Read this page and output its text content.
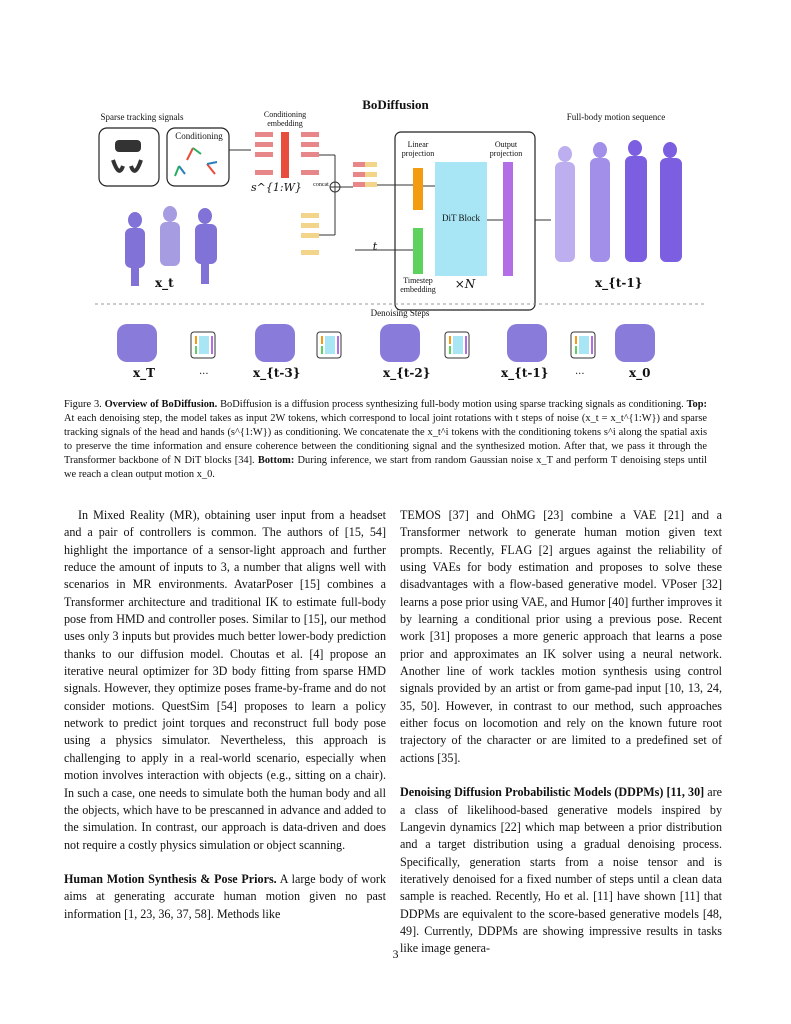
BoDiffusion
Sparse tracking signals
Conditioning
Conditioning embedding
s^{1:W}	concat
Linear projection
Output projection
DiT Block
Timestep embedding	×N
t
Full-body motion sequence
x_t	x_{t-1}
Denoising Steps
x_T	...	x_{t-3}	x_{t-2}	x_{t-1}	...	x_0
Figure 3. Overview of BoDiffusion. BoDiffusion is a diffusion process synthesizing full-body motion using sparse tracking signals as conditioning. Top: At each denoising step, the model takes as input 2W tokens, which correspond to local joint rotations with t steps of noise (x_t = x_t^{1:W}) and sparse tracking signals of the head and hands (s^{1:W}) as conditioning. We concatenate the x_t^i tokens with the conditioning tokens s^i along the spatial axis to preserve the time information and ensure coherence between the conditioning signal and the synthesized motion. After that, we pass it through the Transformer backbone of N DiT blocks [34]. Bottom: During inference, we start from random Gaussian noise x_T and perform T denoising steps until we reach a clean output motion x_0.

In Mixed Reality (MR), obtaining user input from a headset and a pair of controllers is common. The authors of [15, 54] highlight the importance of a sensor-light approach and further reduce the amount of inputs to 3, a number that aligns well with scenarios in MR environments. AvatarPoser [15] combines a Transformer architecture and traditional IK to estimate full-body pose from HMD and controller poses. Similar to [15], our method uses only 3 inputs but provides much better lower-body prediction thanks to our diffusion model. Choutas et al. [4] propose an iterative neural optimizer for 3D body fitting from sparse HMD signals. However, they optimize poses frame-by-frame and do not consider motions. QuestSim [54] proposes to learn a policy network to predict joint torques and reconstruct full body pose using a physics simulator. Nevertheless, this approach is challenging to apply in a real-world scenario, especially when motion involves interaction with objects (e.g., sitting on a chair). In such a case, one needs to simulate both the human body and all the objects, which have to be prescanned in advance and added to the simulation. In contrast, our approach is data-driven and does not require a costly physics simulation or object scanning.

Human Motion Synthesis & Pose Priors. A large body of work aims at generating accurate human motion given no past information [1, 23, 36, 37, 58]. Methods like

TEMOS [37] and OhMG [23] combine a VAE [21] and a Transformer network to generate human motion given text prompts. Recently, FLAG [2] argues against the reliability of using VAEs for body estimation and proposes to solve these disadvantages with a flow-based generative model. VPoser [32] learns a pose prior using VAE, and Humor [40] further improves it by learning a conditional prior using a previous pose. Recent work [31] proposes a more generic approach that learns a pose prior and approximates an IK solver using a neural network. Another line of work tackles motion synthesis using control signals provided by an artist or from game-pad input [10, 13, 24, 35, 50]. However, in contrast to our method, such approaches either focus on locomotion and rely on the known future root trajectory of the character or are limited to a predefined set of actions [35].

Denoising Diffusion Probabilistic Models (DDPMs) [11, 30] are a class of likelihood-based generative models inspired by Langevin dynamics [22] which map between a prior distribution and a target distribution using a gradual denoising process. Specifically, generation starts from a noise tensor and is iteratively denoised for a fixed number of steps until a clean data sample is reached. Recently, Ho et al. [11] have shown [11] that DDPMs are equivalent to the score-based generative models [48, 49]. Currently, DDPMs are showing impressive results in tasks like image genera-

3
